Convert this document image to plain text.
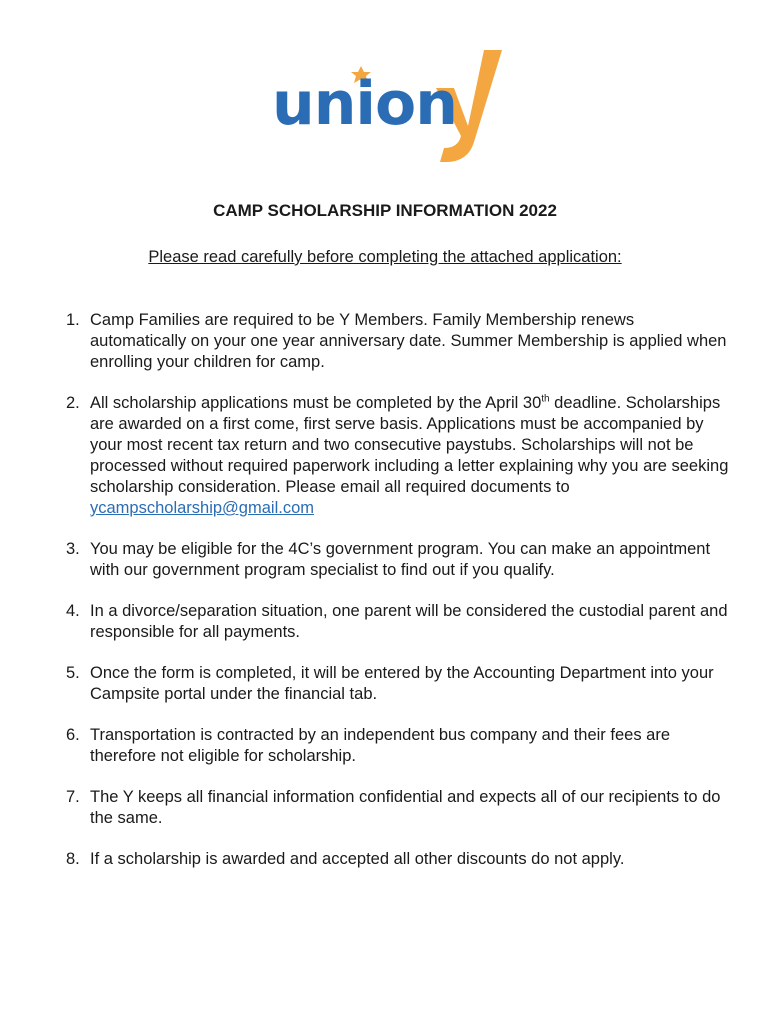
union
CAMP SCHOLARSHIP INFORMATION 2022

Please read carefully before completing the attached application:

1. Camp Families are required to be Y Members. Family Membership renews automatically on your one year anniversary date. Summer Membership is applied when enrolling your children for camp.
2. All scholarship applications must be completed by the April 30th deadline. Scholarships are awarded on a first come, first serve basis. Applications must be accompanied by your most recent tax return and two consecutive paystubs. Scholarships will not be processed without required paperwork including a letter explaining why you are seeking scholarship consideration. Please email all required documents to ycampscholarship@gmail.com
3. You may be eligible for the 4C’s government program. You can make an appointment with our government program specialist to find out if you qualify.
4. In a divorce/separation situation, one parent will be considered the custodial parent and responsible for all payments.
5. Once the form is completed, it will be entered by the Accounting Department into your Campsite portal under the financial tab.
6. Transportation is contracted by an independent bus company and their fees are therefore not eligible for scholarship.
7. The Y keeps all financial information confidential and expects all of our recipients to do the same.
8. If a scholarship is awarded and accepted all other discounts do not apply.
